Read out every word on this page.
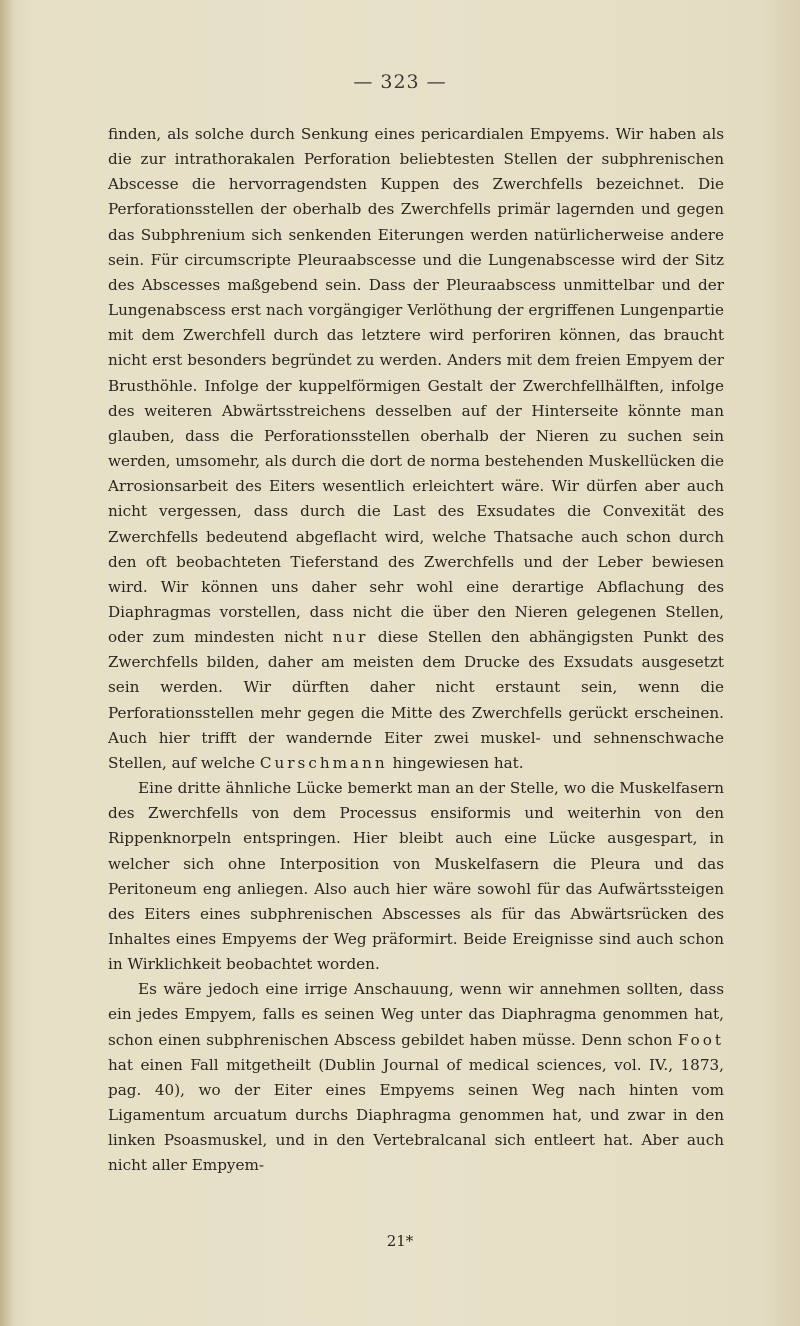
— 323 —

finden, als solche durch Senkung eines pericardialen Empyems. Wir haben als die zur intrathorakalen Perforation beliebtesten Stellen der subphrenischen Abscesse die hervorragendsten Kuppen des Zwerchfells bezeichnet. Die Perforationsstellen der oberhalb des Zwerchfells primär lagernden und gegen das Subphrenium sich senkenden Eiterungen werden natürlicherweise andere sein. Für circumscripte Pleuraabscesse und die Lungenabscesse wird der Sitz des Abscesses maßgebend sein. Dass der Pleuraabscess unmittelbar und der Lungenabscess erst nach vorgängiger Verlöthung der ergriffenen Lungenpartie mit dem Zwerchfell durch das letztere wird perforiren können, das braucht nicht erst besonders begründet zu werden. Anders mit dem freien Empyem der Brusthöhle. Infolge der kuppelförmigen Gestalt der Zwerchfellhälften, infolge des weiteren Abwärtsstreichens desselben auf der Hinterseite könnte man glauben, dass die Perforationsstellen oberhalb der Nieren zu suchen sein werden, umsomehr, als durch die dort de norma bestehenden Muskellücken die Arrosionsarbeit des Eiters wesentlich erleichtert wäre. Wir dürfen aber auch nicht vergessen, dass durch die Last des Exsudates die Convexität des Zwerchfells bedeutend abgeflacht wird, welche Thatsache auch schon durch den oft beobachteten Tieferstand des Zwerchfells und der Leber bewiesen wird. Wir können uns daher sehr wohl eine derartige Abflachung des Diaphragmas vorstellen, dass nicht die über den Nieren gelegenen Stellen, oder zum mindesten nicht nur diese Stellen den abhängigsten Punkt des Zwerchfells bilden, daher am meisten dem Drucke des Exsudats ausgesetzt sein werden. Wir dürften daher nicht erstaunt sein, wenn die Perforationsstellen mehr gegen die Mitte des Zwerchfells gerückt erscheinen. Auch hier trifft der wandernde Eiter zwei muskel- und sehnenschwache Stellen, auf welche Curschmann hingewiesen hat.

Eine dritte ähnliche Lücke bemerkt man an der Stelle, wo die Muskelfasern des Zwerchfells von dem Processus ensiformis und weiterhin von den Rippenknorpeln entspringen. Hier bleibt auch eine Lücke ausgespart, in welcher sich ohne Interposition von Muskelfasern die Pleura und das Peritoneum eng anliegen. Also auch hier wäre sowohl für das Aufwärtssteigen des Eiters eines subphrenischen Abscesses als für das Abwärtsrücken des Inhaltes eines Empyems der Weg präformirt. Beide Ereignisse sind auch schon in Wirklichkeit beobachtet worden.

Es wäre jedoch eine irrige Anschauung, wenn wir annehmen sollten, dass ein jedes Empyem, falls es seinen Weg unter das Diaphragma genommen hat, schon einen subphrenischen Abscess gebildet haben müsse. Denn schon Foot hat einen Fall mitgetheilt (Dublin Journal of medical sciences, vol. IV., 1873, pag. 40), wo der Eiter eines Empyems seinen Weg nach hinten vom Ligamentum arcuatum durchs Diaphragma genommen hat, und zwar in den linken Psoasmuskel, und in den Vertebralcanal sich entleert hat. Aber auch nicht aller Empyem-

21*
